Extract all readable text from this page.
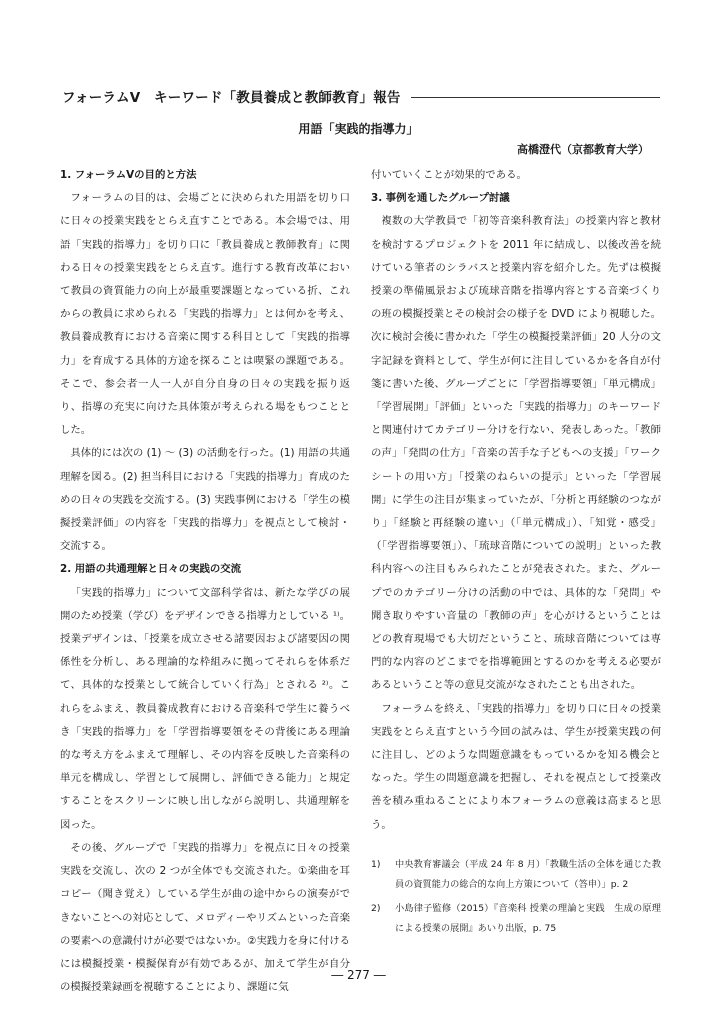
フォーラムⅤ　キーワード「教員養成と教師教育」報告
用語「実践的指導力」
高橋澄代（京都教育大学）

1. フォーラムⅤの目的と方法

フォーラムの目的は、会場ごとに決められた用語を切り口に日々の授業実践をとらえ直すことである。本会場では、用語「実践的指導力」を切り口に「教員養成と教師教育」に関わる日々の授業実践をとらえ直す。進行する教育改革において教員の資質能力の向上が最重要課題となっている折、これからの教員に求められる「実践的指導力」とは何かを考え、教員養成教育における音楽に関する科目として「実践的指導力」を育成する具体的方途を探ることは喫緊の課題である。そこで、参会者一人一人が自分自身の日々の実践を振り返り、指導の充実に向けた具体策が考えられる場をもつこととした。

具体的には次の (1) ～ (3) の活動を行った。(1) 用語の共通理解を図る。(2) 担当科目における「実践的指導力」育成のための日々の実践を交流する。(3) 実践事例における「学生の模擬授業評価」の内容を「実践的指導力」を視点として検討・交流する。

2. 用語の共通理解と日々の実践の交流

「実践的指導力」について文部科学省は、新たな学びの展開のため授業（学び）をデザインできる指導力としている ¹⁾。授業デザインは、「授業を成立させる諸要因および諸要因の関係性を分析し、ある理論的な枠組みに拠ってそれらを体系だて、具体的な授業として統合していく行為」とされる ²⁾。これらをふまえ、教員養成教育における音楽科で学生に養うべき「実践的指導力」を「学習指導要領をその背後にある理論的な考え方をふまえて理解し、その内容を反映した音楽科の単元を構成し、学習として展開し、評価できる能力」と規定することをスクリーンに映し出しながら説明し、共通理解を図った。

その後、グループで「実践的指導力」を視点に日々の授業実践を交流し、次の 2 つが全体でも交流された。①楽曲を耳コピー（聞き覚え）している学生が曲の途中からの演奏ができないことへの対応として、メロディーやリズムといった音楽の要素への意識付けが必要ではないか。②実践力を身に付けるには模擬授業・模擬保育が有効であるが、加えて学生が自分の模擬授業録画を視聴することにより、課題に気

付いていくことが効果的である。

3. 事例を通したグループ討議

複数の大学教員で「初等音楽科教育法」の授業内容と教材を検討するプロジェクトを 2011 年に結成し、以後改善を続けている筆者のシラバスと授業内容を紹介した。先ずは模擬授業の準備風景および琉球音階を指導内容とする音楽づくりの班の模擬授業とその検討会の様子を DVD により視聴した。次に検討会後に書かれた「学生の模擬授業評価」20 人分の文字記録を資料として、学生が何に注目しているかを各自が付箋に書いた後、グループごとに「学習指導要領」「単元構成」「学習展開」「評価」といった「実践的指導力」のキーワードと関連付けてカテゴリー分けを行ない、発表しあった。「教師の声」「発問の仕方」「音楽の苦手な子どもへの支援」「ワークシートの用い方」「授業のねらいの提示」といった「学習展開」に学生の注目が集まっていたが、「分析と再経験のつながり」「経験と再経験の違い」（「単元構成」）、「知覚・感受」（「学習指導要領」）、「琉球音階についての説明」といった教科内容への注目もみられたことが発表された。また、グループでのカテゴリー分けの活動の中では、具体的な「発問」や聞き取りやすい音量の「教師の声」を心がけるということはどの教育現場でも大切だということ、琉球音階については専門的な内容のどこまでを指導範囲とするのかを考える必要があるということ等の意見交流がなされたことも出された。

フォーラムを終え、「実践的指導力」を切り口に日々の授業実践をとらえ直すという今回の試みは、学生が授業実践の何に注目し、どのような問題意識をもっているかを知る機会となった。学生の問題意識を把握し、それを視点として授業改善を積み重ねることにより本フォーラムの意義は高まると思う。

1)	中央教育審議会（平成 24 年 8 月）「教職生活の全体を通じた教員の資質能力の総合的な向上方策について（答申）」p. 2
2)	小島律子監修（2015）『音楽科 授業の理論と実践　生成の原理による授業の展開』あいり出版，p. 75
― 277 ―
